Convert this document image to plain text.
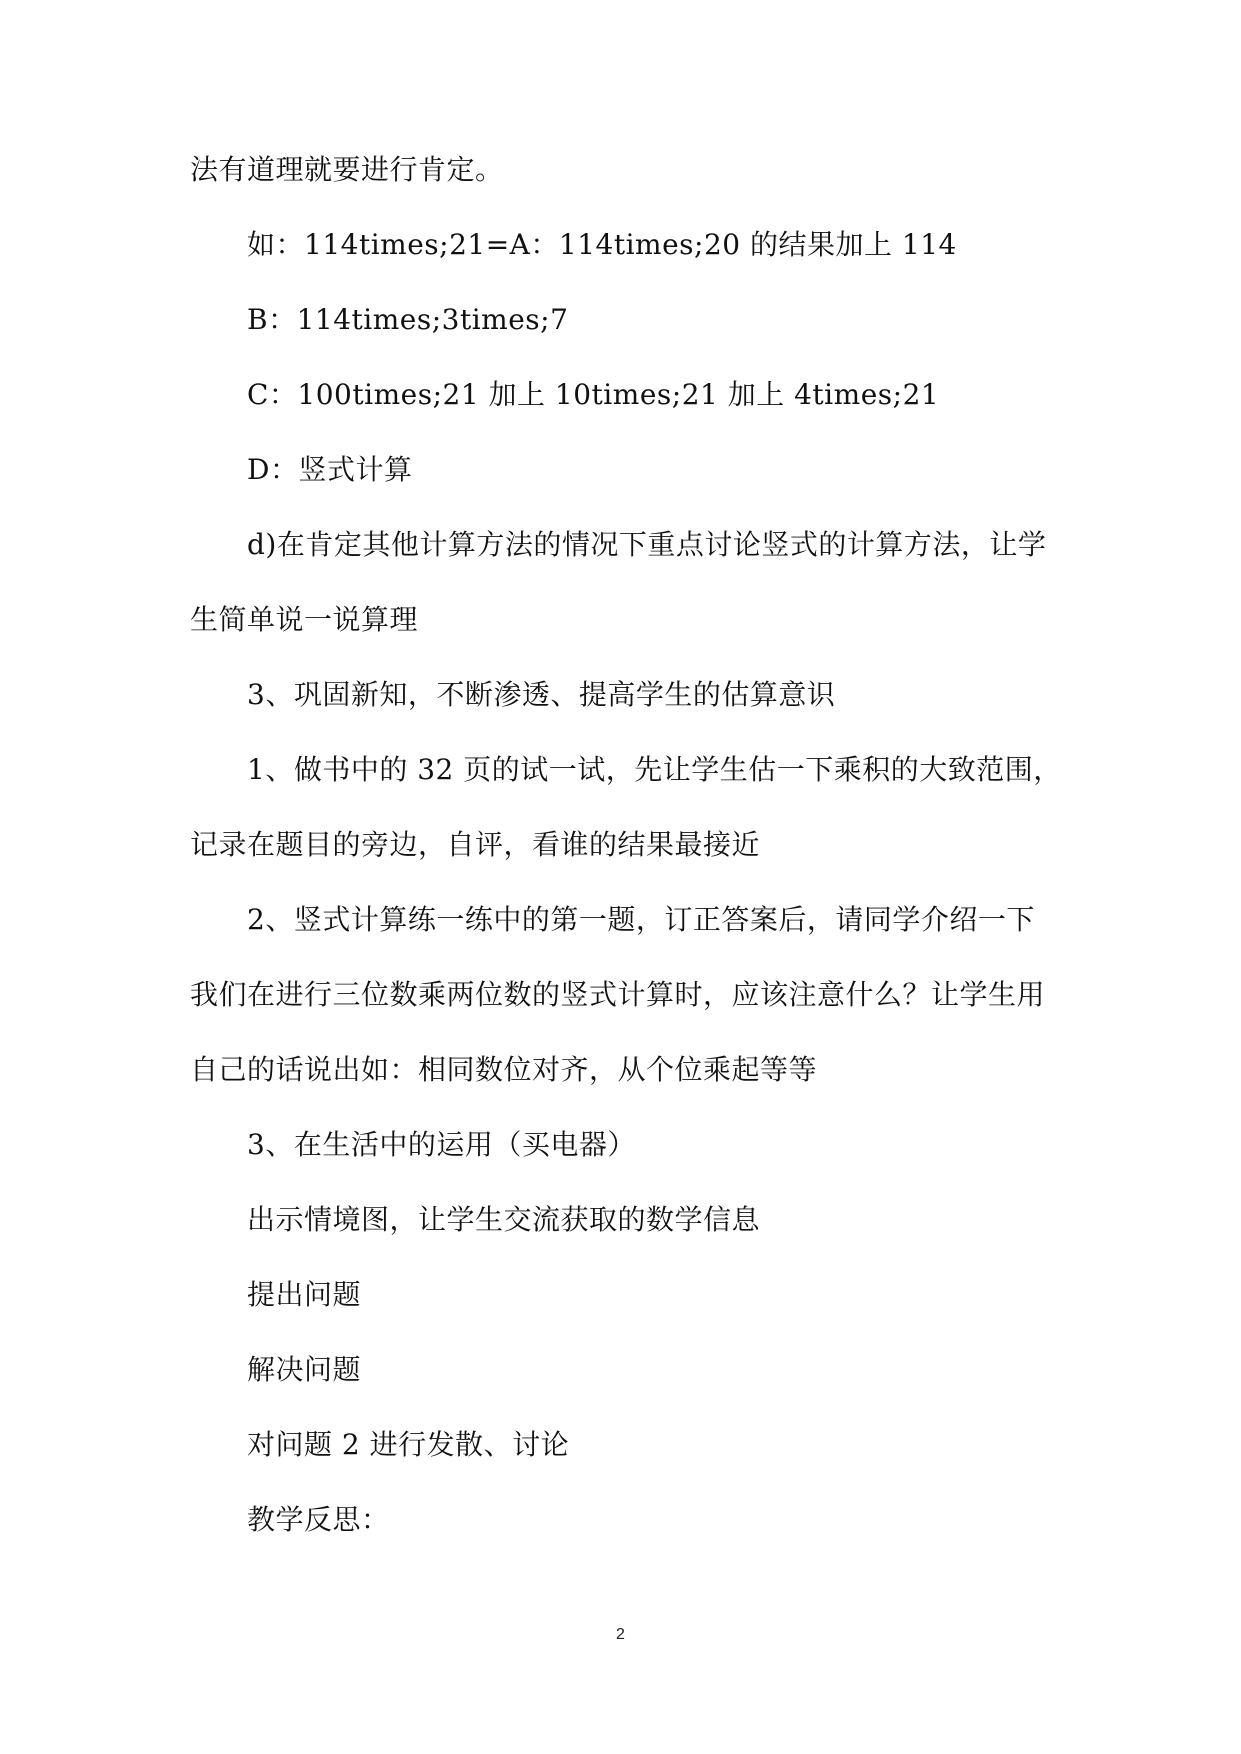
法有道理就要进行肯定。
如：114times;21=A：114times;20 的结果加上 114
B：114times;3times;7
C：100times;21 加上 10times;21 加上 4times;21
D：竖式计算
d)在肯定其他计算方法的情况下重点讨论竖式的计算方法，让学
生简单说一说算理
3、巩固新知，不断渗透、提高学生的估算意识
1、做书中的 32 页的试一试，先让学生估一下乘积的大致范围，
记录在题目的旁边，自评，看谁的结果最接近
2、竖式计算练一练中的第一题，订正答案后，请同学介绍一下
我们在进行三位数乘两位数的竖式计算时，应该注意什么？让学生用
自己的话说出如：相同数位对齐，从个位乘起等等
3、在生活中的运用（买电器）
出示情境图，让学生交流获取的数学信息
提出问题
解决问题
对问题 2 进行发散、讨论
教学反思：
2
